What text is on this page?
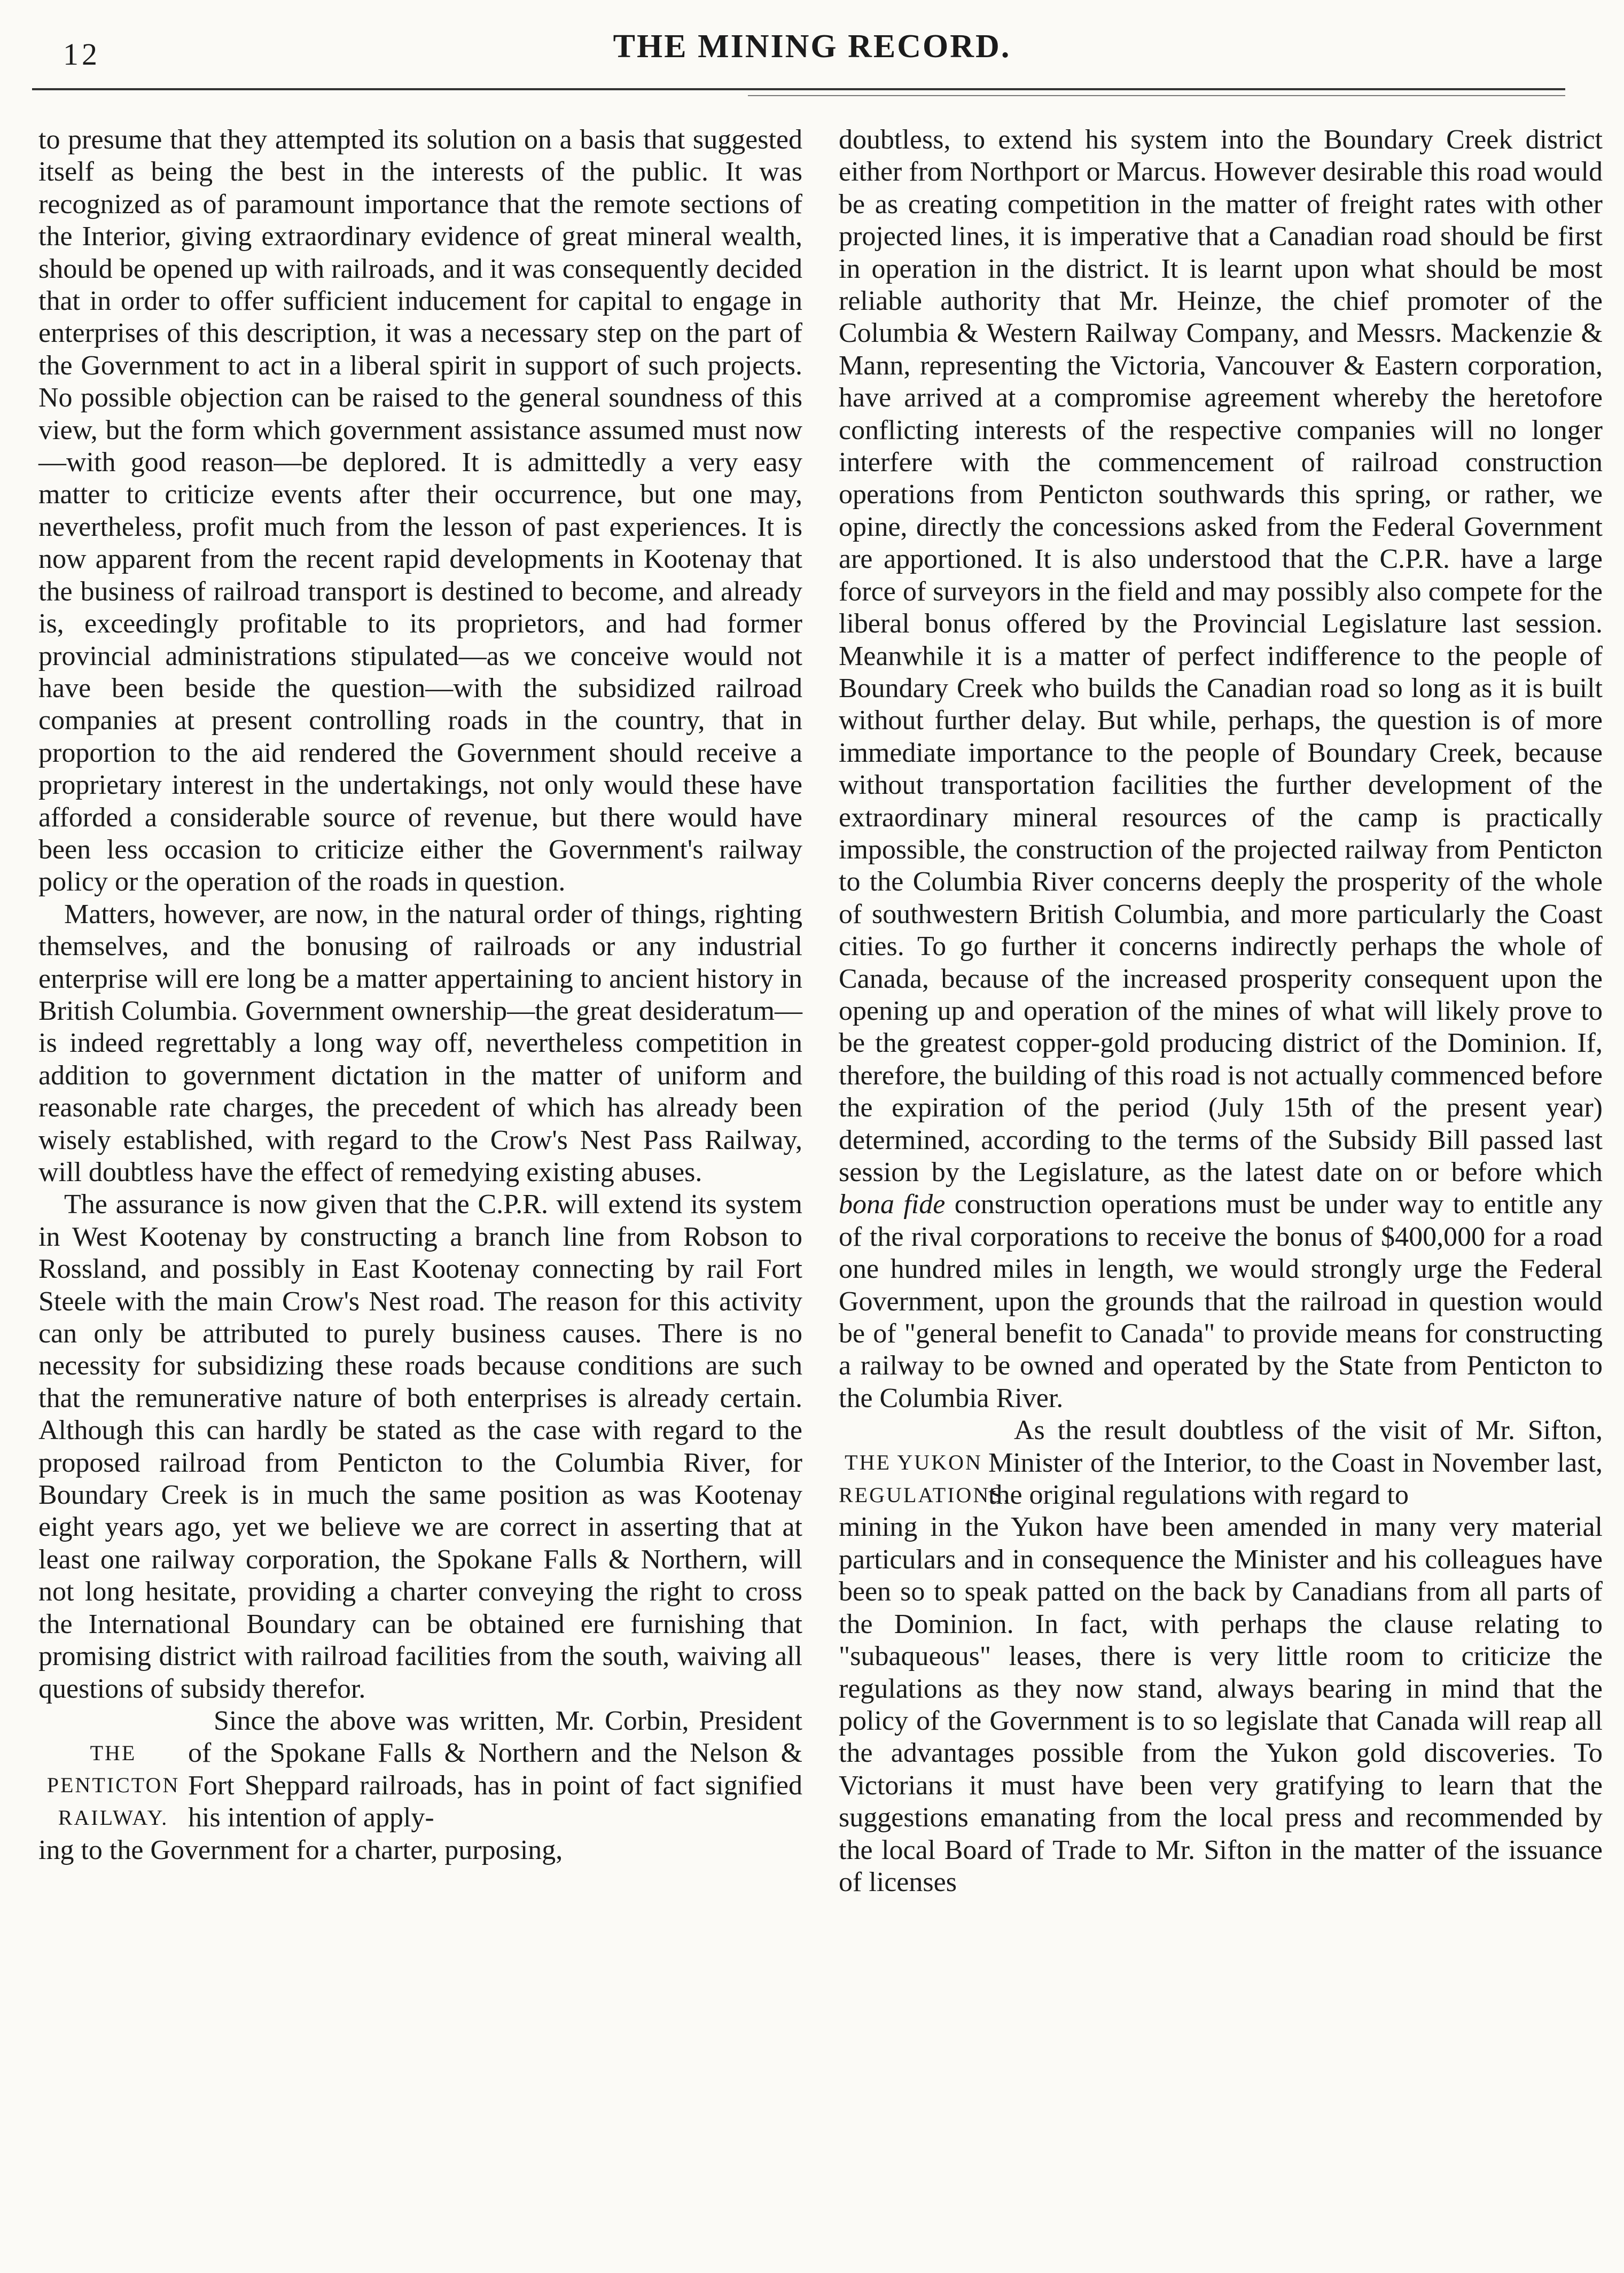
12	THE MINING RECORD.

to presume that they attempted its solution on a basis that suggested itself as being the best in the interests of the public. It was recognized as of paramount importance that the remote sections of the Interior, giving extraordinary evidence of great mineral wealth, should be opened up with railroads, and it was consequently decided that in order to offer sufficient inducement for capital to engage in enterprises of this description, it was a necessary step on the part of the Government to act in a liberal spirit in support of such projects. No possible objection can be raised to the general soundness of this view, but the form which government assistance assumed must now—with good reason—be deplored. It is admittedly a very easy matter to criticize events after their occurrence, but one may, nevertheless, profit much from the lesson of past experiences. It is now apparent from the recent rapid developments in Kootenay that the business of railroad transport is destined to become, and already is, exceedingly profitable to its proprietors, and had former provincial administrations stipulated—as we conceive would not have been beside the question—with the subsidized railroad companies at present controlling roads in the country, that in proportion to the aid rendered the Government should receive a proprietary interest in the undertakings, not only would these have afforded a considerable source of revenue, but there would have been less occasion to criticize either the Government's railway policy or the operation of the roads in question.

Matters, however, are now, in the natural order of things, righting themselves, and the bonusing of railroads or any industrial enterprise will ere long be a matter appertaining to ancient history in British Columbia. Government ownership—the great desideratum—is indeed regrettably a long way off, nevertheless competition in addition to government dictation in the matter of uniform and reasonable rate charges, the precedent of which has already been wisely established, with regard to the Crow's Nest Pass Railway, will doubtless have the effect of remedying existing abuses.

The assurance is now given that the C.P.R. will extend its system in West Kootenay by constructing a branch line from Robson to Rossland, and possibly in East Kootenay connecting by rail Fort Steele with the main Crow's Nest road. The reason for this activity can only be attributed to purely business causes. There is no necessity for subsidizing these roads because conditions are such that the remunerative nature of both enterprises is already certain. Although this can hardly be stated as the case with regard to the proposed railroad from Penticton to the Columbia River, for Boundary Creek is in much the same position as was Kootenay eight years ago, yet we believe we are correct in asserting that at least one railway corporation, the Spokane Falls & Northern, will not long hesitate, providing a charter conveying the right to cross the International Boundary can be obtained ere furnishing that promising district with railroad facilities from the south, waiving all questions of subsidy therefor.

THE PENTICTON RAILWAY.

Since the above was written, Mr. Corbin, President of the Spokane Falls & Northern and the Nelson & Fort Sheppard railroads, has in point of fact signified his intention of apply-

ing to the Government for a charter, purposing,

doubtless, to extend his system into the Boundary Creek district either from Northport or Marcus. However desirable this road would be as creating competition in the matter of freight rates with other projected lines, it is imperative that a Canadian road should be first in operation in the district. It is learnt upon what should be most reliable authority that Mr. Heinze, the chief promoter of the Columbia & Western Railway Company, and Messrs. Mackenzie & Mann, representing the Victoria, Vancouver & Eastern corporation, have arrived at a compromise agreement whereby the heretofore conflicting interests of the respective companies will no longer interfere with the commencement of railroad construction operations from Penticton southwards this spring, or rather, we opine, directly the concessions asked from the Federal Government are apportioned. It is also understood that the C.P.R. have a large force of surveyors in the field and may possibly also compete for the liberal bonus offered by the Provincial Legislature last session. Meanwhile it is a matter of perfect indifference to the people of Boundary Creek who builds the Canadian road so long as it is built without further delay. But while, perhaps, the question is of more immediate importance to the people of Boundary Creek, because without transportation facilities the further development of the extraordinary mineral resources of the camp is practically impossible, the construction of the projected railway from Penticton to the Columbia River concerns deeply the prosperity of the whole of southwestern British Columbia, and more particularly the Coast cities. To go further it concerns indirectly perhaps the whole of Canada, because of the increased prosperity consequent upon the opening up and operation of the mines of what will likely prove to be the greatest copper-gold producing district of the Dominion. If, therefore, the building of this road is not actually commenced before the expiration of the period (July 15th of the present year) determined, according to the terms of the Subsidy Bill passed last session by the Legislature, as the latest date on or before which bona fide construction operations must be under way to entitle any of the rival corporations to receive the bonus of $400,000 for a road one hundred miles in length, we would strongly urge the Federal Government, upon the grounds that the railroad in question would be of "general benefit to Canada" to provide means for constructing a railway to be owned and operated by the State from Penticton to the Columbia River.

THE YUKON REGULATIONS.

As the result doubtless of the visit of Mr. Sifton, Minister of the Interior, to the Coast in November last, the original regulations with regard to

mining in the Yukon have been amended in many very material particulars and in consequence the Minister and his colleagues have been so to speak patted on the back by Canadians from all parts of the Dominion. In fact, with perhaps the clause relating to "subaqueous" leases, there is very little room to criticize the regulations as they now stand, always bearing in mind that the policy of the Government is to so legislate that Canada will reap all the advantages possible from the Yukon gold discoveries. To Victorians it must have been very gratifying to learn that the suggestions emanating from the local press and recommended by the local Board of Trade to Mr. Sifton in the matter of the issuance of licenses
